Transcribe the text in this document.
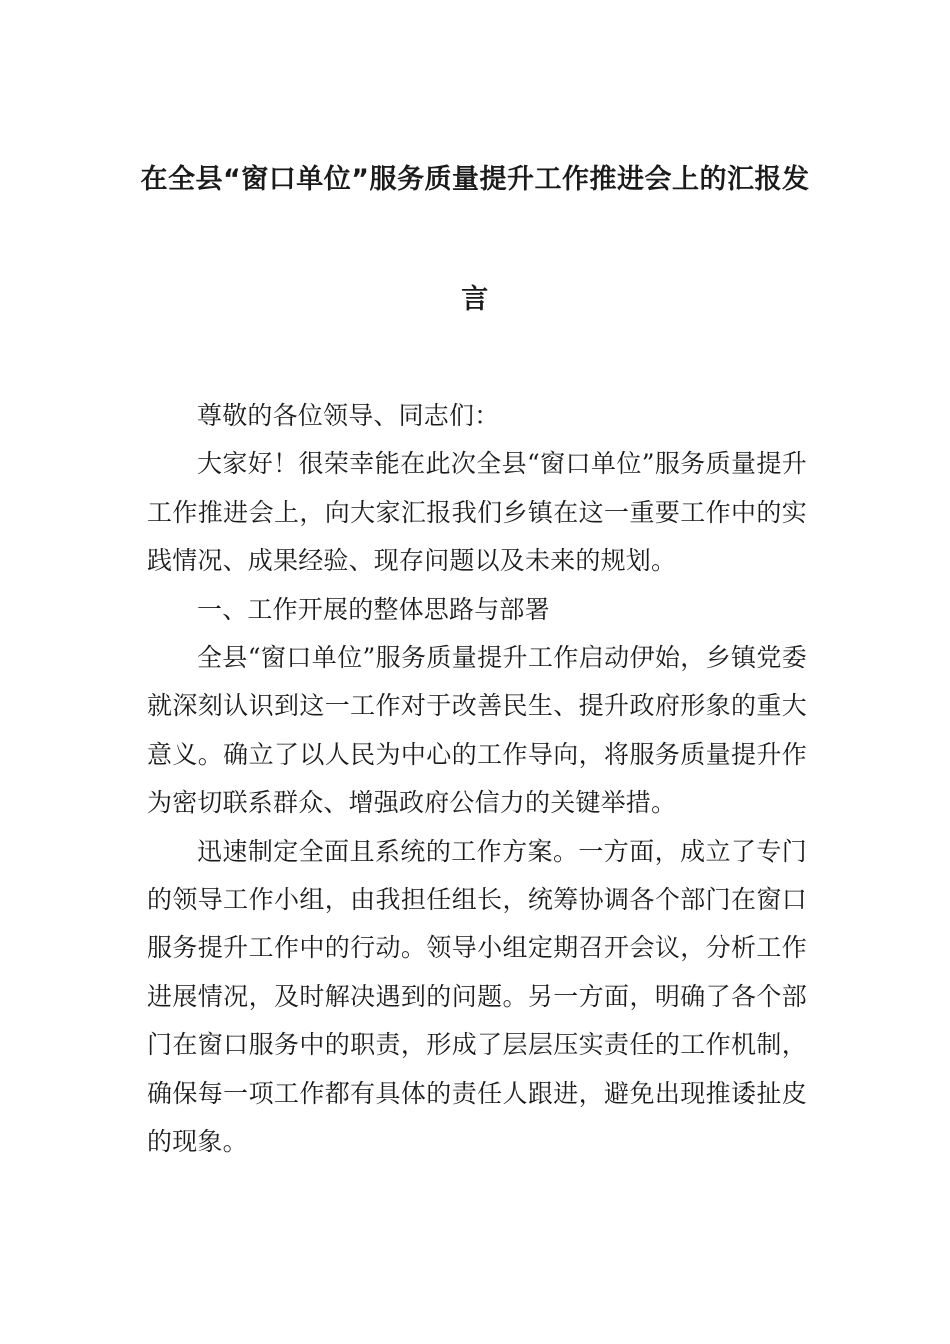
在全县“窗口单位”服务质量提升工作推进会上的汇报发
言

尊敬的各位领导、同志们：

大家好！很荣幸能在此次全县“窗口单位”服务质量提升工作推进会上，向大家汇报我们乡镇在这一重要工作中的实践情况、成果经验、现存问题以及未来的规划。

一、工作开展的整体思路与部署

全县“窗口单位”服务质量提升工作启动伊始，乡镇党委就深刻认识到这一工作对于改善民生、提升政府形象的重大意义。确立了以人民为中心的工作导向，将服务质量提升作为密切联系群众、增强政府公信力的关键举措。

迅速制定全面且系统的工作方案。一方面，成立了专门的领导工作小组，由我担任组长，统筹协调各个部门在窗口服务提升工作中的行动。领导小组定期召开会议，分析工作进展情况，及时解决遇到的问题。另一方面，明确了各个部门在窗口服务中的职责，形成了层层压实责任的工作机制，确保每一项工作都有具体的责任人跟进，避免出现推诿扯皮的现象。
